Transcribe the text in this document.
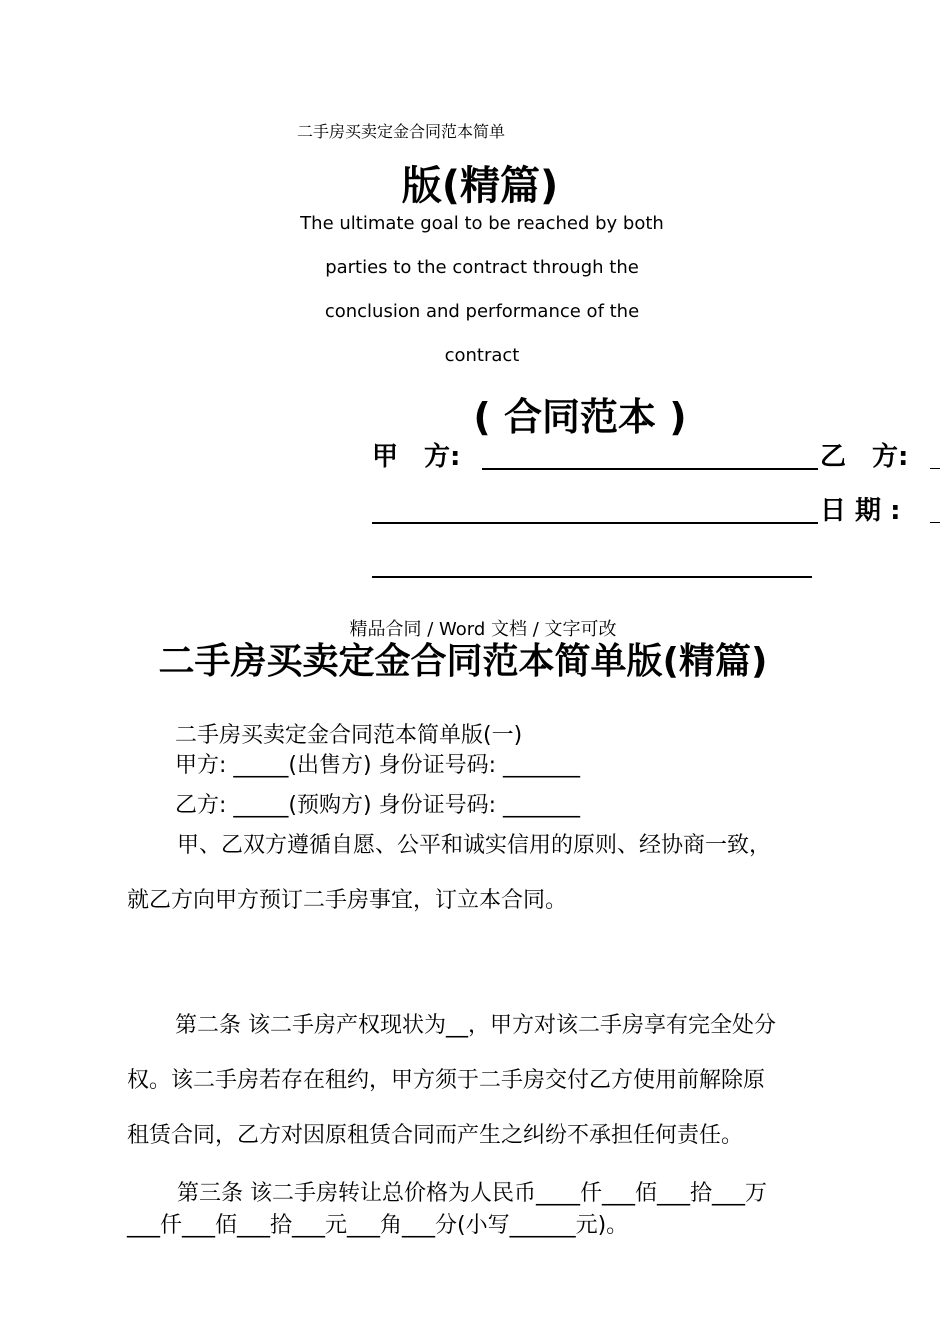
二手房买卖定金合同范本简单
版(精篇)
The ultimate goal to be reached by both
parties to the contract through the
conclusion and performance of the
contract
( 合同范本 )
甲　方:	乙　方:
日 期 :
精品合同 / Word 文档 / 文字可改
二手房买卖定金合同范本简单版(精篇)
二手房买卖定金合同范本简单版(一)
甲方: _____(出售方) 身份证号码: _______
乙方: _____(预购方) 身份证号码: _______
甲、乙双方遵循自愿、公平和诚实信用的原则、经协商一致，
就乙方向甲方预订二手房事宜，订立本合同。
第二条 该二手房产权现状为__，甲方对该二手房享有完全处分
权。该二手房若存在租约，甲方须于二手房交付乙方使用前解除原
租赁合同，乙方对因原租赁合同而产生之纠纷不承担任何责任。
第三条 该二手房转让总价格为人民币____仟___佰___拾___万
___仟___佰___拾___元___角___分(小写______元)。
